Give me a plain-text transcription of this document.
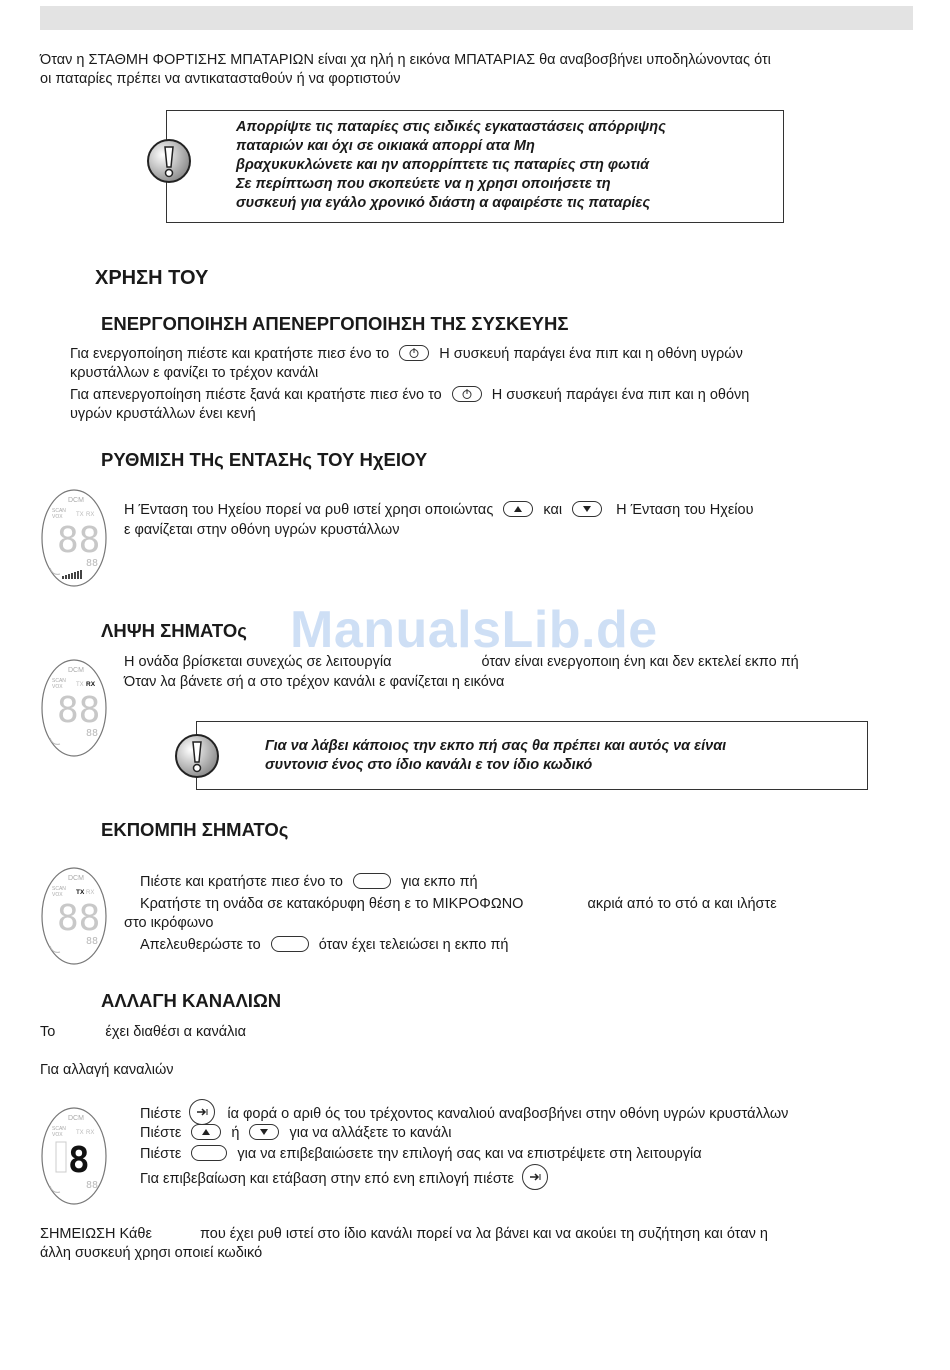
Όταν η ΣΤΑΘΜΗ ΦΟΡΤΙΣΗΣ ΜΠΑΤΑΡΙΩΝ είναι χα ηλή η εικόνα ΜΠΑΤΑΡΙΑΣ θα αναβοσβήνει υποδηλώνοντας ότι
οι παταρίες πρέπει να αντικατασταθούν ή να φορτιστούν
Απορρίψτε τις παταρίες στις ειδικές εγκαταστάσεις απόρριψης
παταριών και όχι σε οικιακά απορρί ατα Μη
βραχυκυκλώνετε και ην απορρίπτετε τις παταρίες στη φωτιά
Σε περίπτωση που σκοπεύετε να η χρησι οποιήσετε τη
συσκευή για εγάλο χρονικό διάστη α αφαιρέστε τις παταρίες
ΧΡΗΣΗ ΤΟΥ
ΕΝΕΡΓΟΠΟΙΗΣΗ ΑΠΕΝΕΡΓΟΠΟΙΗΣΗ ΤΗΣ ΣΥΣΚΕΥΗΣ
Για ενεργοποίηση πιέστε και κρατήστε πιεσ ένο το	Η συσκευή παράγει ένα πιπ και η οθόνη υγρών
κρυστάλλων ε φανίζει το τρέχον κανάλι
Για απενεργοποίηση πιέστε ξανά και κρατήστε πιεσ ένο το	Η συσκευή παράγει ένα πιπ και η οθόνη
υγρών κρυστάλλων ένει κενή
ΡΥΘΜΙΣΗ ΤΗς ΕΝΤΑΣΗς ΤΟΥ ΗχΕΙΟΥ
DCM
SCAN
VOX TX RX
88
88
Η Ένταση του Ηχείου πορεί να ρυθ ιστεί χρησι οποιώντας	και	Η Ένταση του Ηχείου
ε φανίζεται στην οθόνη υγρών κρυστάλλων
ΛΗΨΗ ΣΗΜΑΤΟς ManualsLib.de
DCM
SCAN
VOX TX RX
88
88
Η ονάδα βρίσκεται συνεχώς σε λειτουργία	όταν είναι ενεργοποιη ένη και δεν εκτελεί εκπο πή
Όταν λα βάνετε σή α στο τρέχον κανάλι ε φανίζεται η εικόνα
Για να λάβει κάποιος την εκπο πή σας θα πρέπει και αυτός να είναι
συντονισ ένος στο ίδιο κανάλι ε τον ίδιο κωδικό
ΕΚΠΟΜΠΗ ΣΗΜΑΤΟς
DCM
SCAN
VOX TX RX
88
88
Πιέστε και κρατήστε πιεσ ένο το	για εκπο πή
Κρατήστε τη ονάδα σε κατακόρυφη θέση ε το ΜΙΚΡΟΦΩΝΟ	ακριά από το στό α και ιλήστε
στο ικρόφωνο
Απελευθερώστε το	όταν έχει τελειώσει η εκπο πή
ΑΛΛΑΓΗ ΚΑΝΑΛΙΩΝ
Το	έχει διαθέσι α κανάλια
Για αλλαγή καναλιών
DCM
SCAN
VOX TX RX
8
88
Πιέστε	ία φορά ο αριθ ός του τρέχοντος καναλιού αναβοσβήνει στην οθόνη υγρών κρυστάλλων
Πιέστε	ή	για να αλλάξετε το κανάλι
Πιέστε	για να επιβεβαιώσετε την επιλογή σας και να επιστρέψετε στη λειτουργία
Για επιβεβαίωση και ετάβαση στην επό ενη επιλογή πιέστε
ΣΗΜΕΙΩΣΗ Κάθε	που έχει ρυθ ιστεί στο ίδιο κανάλι πορεί να λα βάνει και να ακούει τη συζήτηση και όταν η
άλλη συσκευή χρησι οποιεί κωδικό
